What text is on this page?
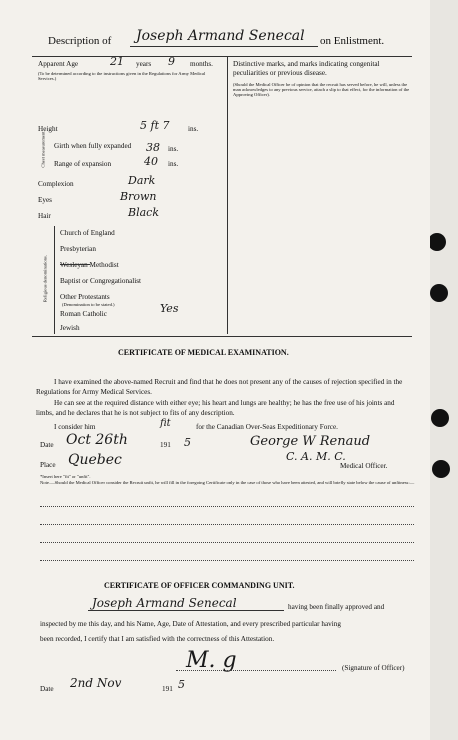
Description of Joseph Armand Senecal on Enlistment.
Apparent Age	21 years 9 months.
(To be determined according to the instructions given in the Regulations for Army Medical Services.)
Height	5 ft 7	ins.
Chest measurement. Girth when fully expanded	38 ins.
Range of expansion	40 ins.
Complexion	Dark
Eyes	Brown
Hair	Black
Religious denominations.
Church of England
Presbyterian
Wesleyan Methodist
Baptist or Congregationalist
Other Protestants
(Denomination to be stated.)
Roman Catholic	Yes
Jewish
Distinctive marks, and marks indicating congenital peculiarities or previous disease.
(Should the Medical Officer be of opinion that the recruit has served before, he will, unless the man acknowledges to any previous service, attach a slip to that effect, for the information of the Approving Officer).
CERTIFICATE OF MEDICAL EXAMINATION.
I have examined the above-named Recruit and find that he does not present any of the causes of rejection specified in the Regulations for Army Medical Services.
He can see at the required distance with either eye; his heart and lungs are healthy; he has the free use of his joints and limbs, and he declares that he is not subject to fits of any description.
I consider him	fit	for the Canadian Over-Seas Expeditionary Force.
Date Oct 26th	191 5	George W Renaud
C. A. M. C.
Medical Officer.
Place Quebec
*Insert here "fit" or "unfit".
Note.—Should the Medical Officer consider the Recruit unfit, he will fill in the foregoing Certificate only in the case of those who have been attested, and will briefly state below the cause of unfitness:—
CERTIFICATE OF OFFICER COMMANDING UNIT.
Joseph Armand Senecal	having been finally approved and
inspected by me this day, and his Name, Age, Date of Attestation, and every prescribed particular having
been recorded, I certify that I am satisfied with the correctness of this Attestation.
M. g	(Signature of Officer)
Date 2nd Nov	191 5
